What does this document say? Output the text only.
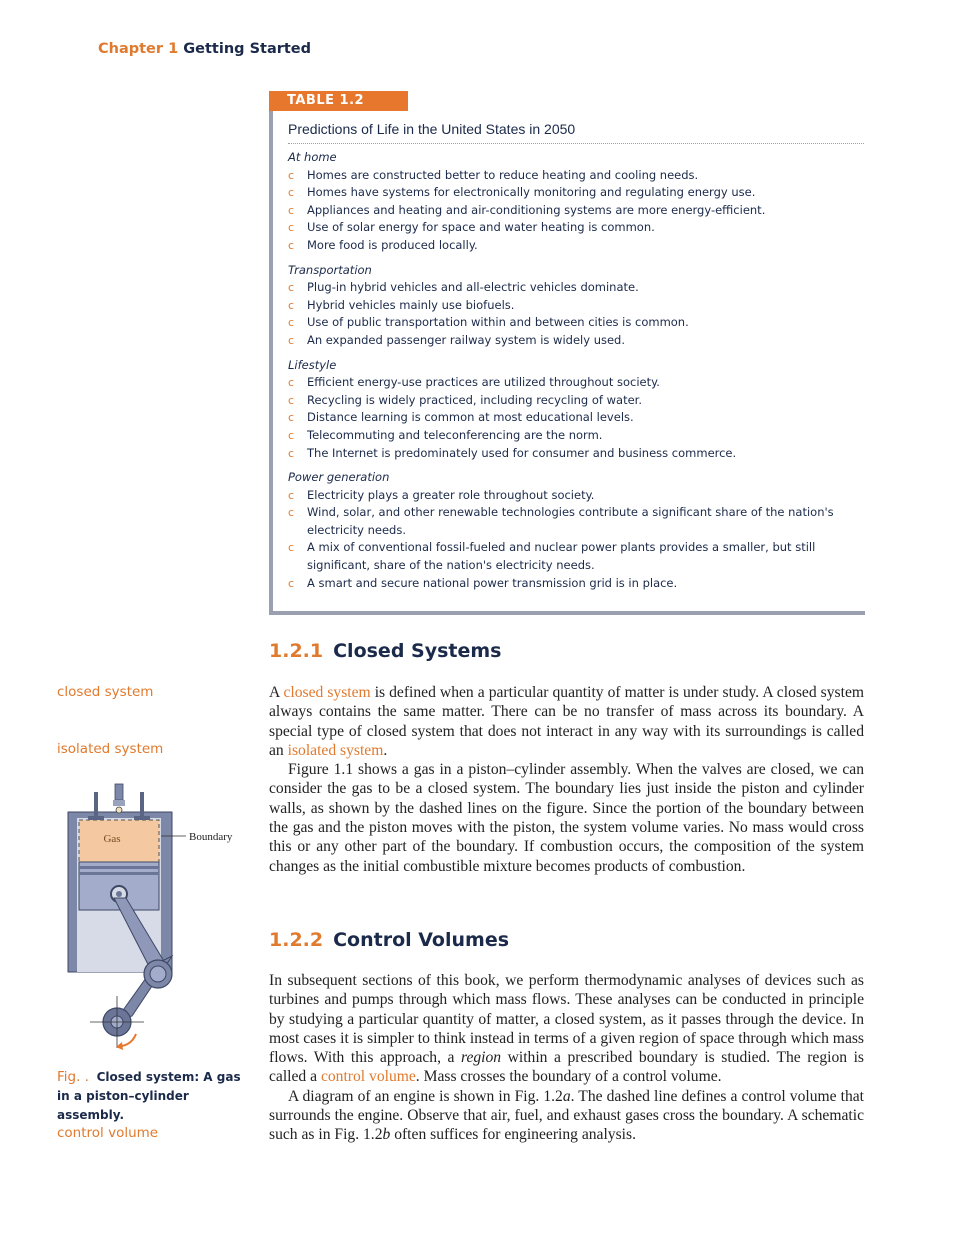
Chapter 1 Getting Started
TABLE 1.2
Predictions of Life in the United States in 2050
At home
c Homes are constructed better to reduce heating and cooling needs.
c Homes have systems for electronically monitoring and regulating energy use.
c Appliances and heating and air-conditioning systems are more energy-efficient.
c Use of solar energy for space and water heating is common.
c More food is produced locally.
Transportation
c Plug-in hybrid vehicles and all-electric vehicles dominate.
c Hybrid vehicles mainly use biofuels.
c Use of public transportation within and between cities is common.
c An expanded passenger railway system is widely used.
Lifestyle
c Efficient energy-use practices are utilized throughout society.
c Recycling is widely practiced, including recycling of water.
c Distance learning is common at most educational levels.
c Telecommuting and teleconferencing are the norm.
c The Internet is predominately used for consumer and business commerce.
Power generation
c Electricity plays a greater role throughout society.
c Wind, solar, and other renewable technologies contribute a significant share of the nation's electricity needs.
c A mix of conventional fossil-fueled and nuclear power plants provides a smaller, but still significant, share of the nation's electricity needs.
c A smart and secure national power transmission grid is in place.
1.2.1 Closed Systems
closed system
isolated system

A closed system is defined when a particular quantity of matter is under study. A closed system always contains the same matter. There can be no transfer of mass across its boundary. A special type of closed system that does not interact in any way with its surroundings is called an isolated system.

Figure 1.1 shows a gas in a piston–cylinder assembly. When the valves are closed, we can consider the gas to be a closed system. The boundary lies just inside the piston and cylinder walls, as shown by the dashed lines on the figure. Since the portion of the boundary between the gas and the piston moves with the piston, the system volume varies. No mass would cross this or any other part of the boundary. If combustion occurs, the composition of the system changes as the initial combustible mixture becomes products of combustion.

1.2.2 Control Volumes

In subsequent sections of this book, we perform thermodynamic analyses of devices such as turbines and pumps through which mass flows. These analyses can be conducted in principle by studying a particular quantity of matter, a closed system, as it passes through the device. In most cases it is simpler to think instead in terms of a given region of space through which mass flows. With this approach, a region within a prescribed boundary is studied. The region is called a control volume. Mass crosses the boundary of a control volume.

A diagram of an engine is shown in Fig. 1.2a. The dashed line defines a control volume that surrounds the engine. Observe that air, fuel, and exhaust gases cross the boundary. A schematic such as in Fig. 1.2b often suffices for engineering analysis.

Gas	Boundary
Fig. . Closed system: A gas in a piston–cylinder assembly.
control volume
